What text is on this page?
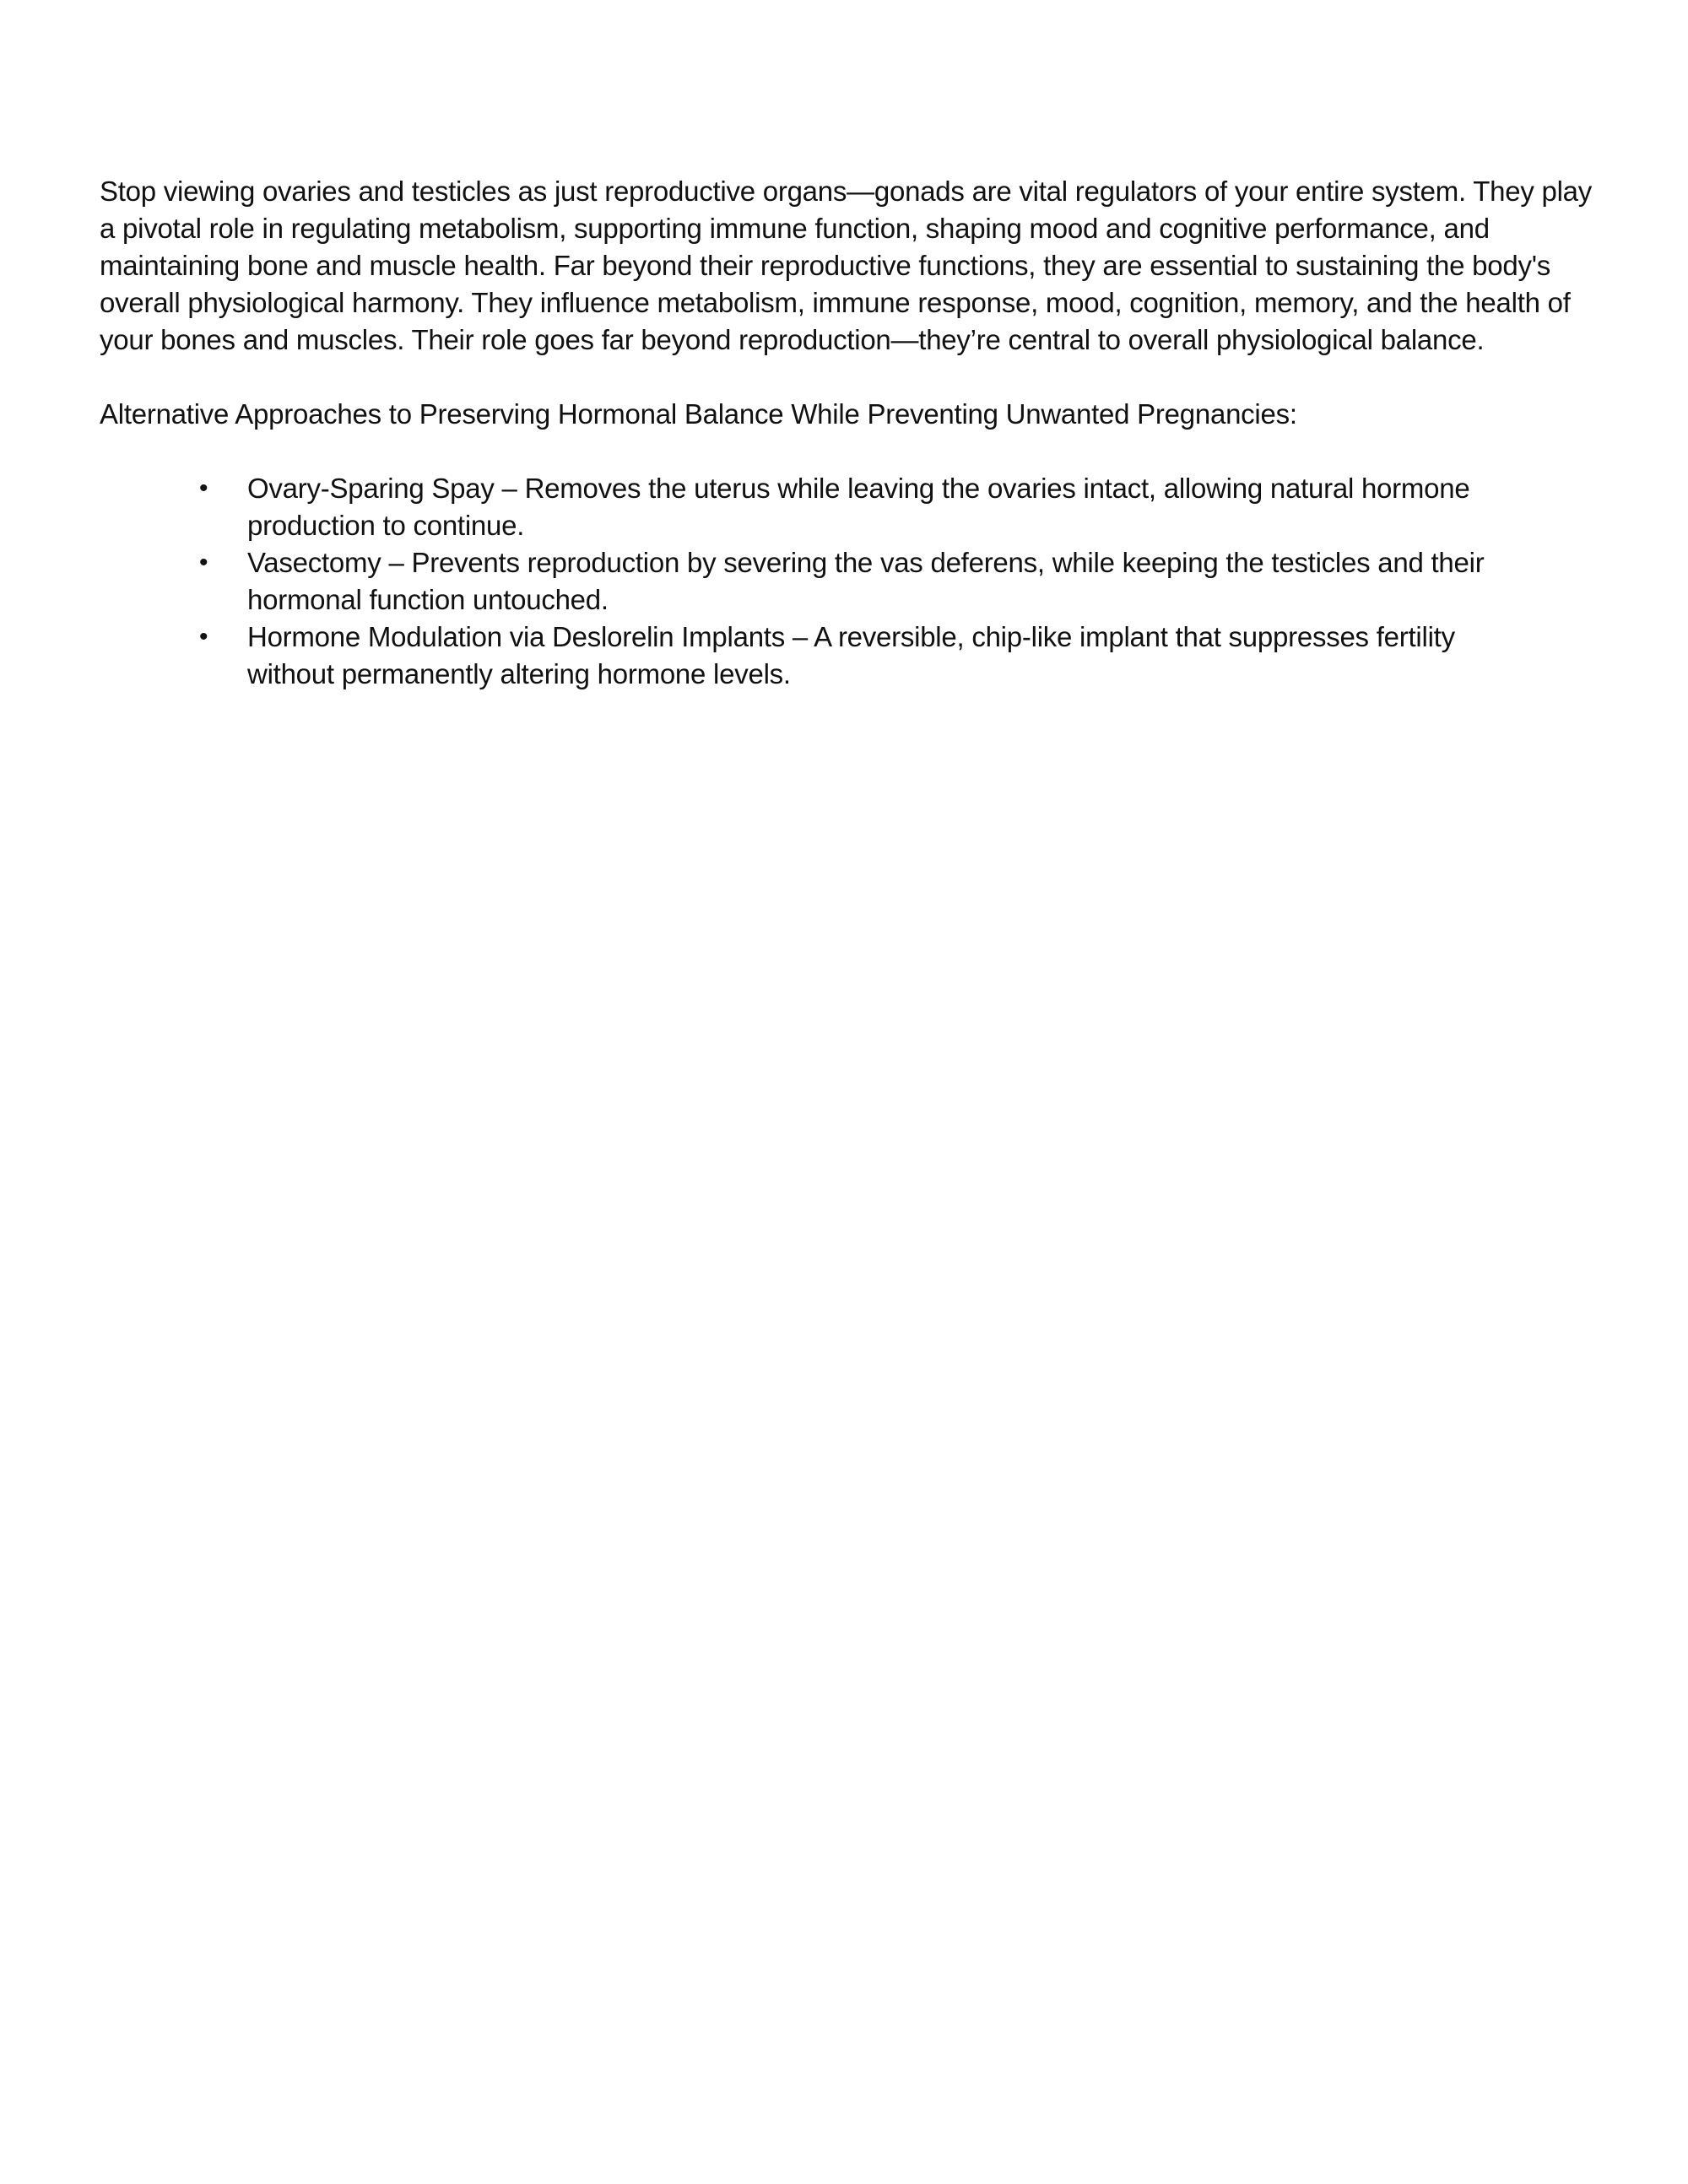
Stop viewing ovaries and testicles as just reproductive organs—gonads are vital regulators of your entire system. They play a pivotal role in regulating metabolism, supporting immune function, shaping mood and cognitive performance, and maintaining bone and muscle health. Far beyond their reproductive functions, they are essential to sustaining the body's overall physiological harmony. They influence metabolism, immune response, mood, cognition, memory, and the health of your bones and muscles. Their role goes far beyond reproduction—they’re central to overall physiological balance.

Alternative Approaches to Preserving Hormonal Balance While Preventing Unwanted Pregnancies:

• Ovary-Sparing Spay – Removes the uterus while leaving the ovaries intact, allowing natural hormone production to continue.
• Vasectomy – Prevents reproduction by severing the vas deferens, while keeping the testicles and their hormonal function untouched.
• Hormone Modulation via Deslorelin Implants – A reversible, chip-like implant that suppresses fertility without permanently altering hormone levels.
